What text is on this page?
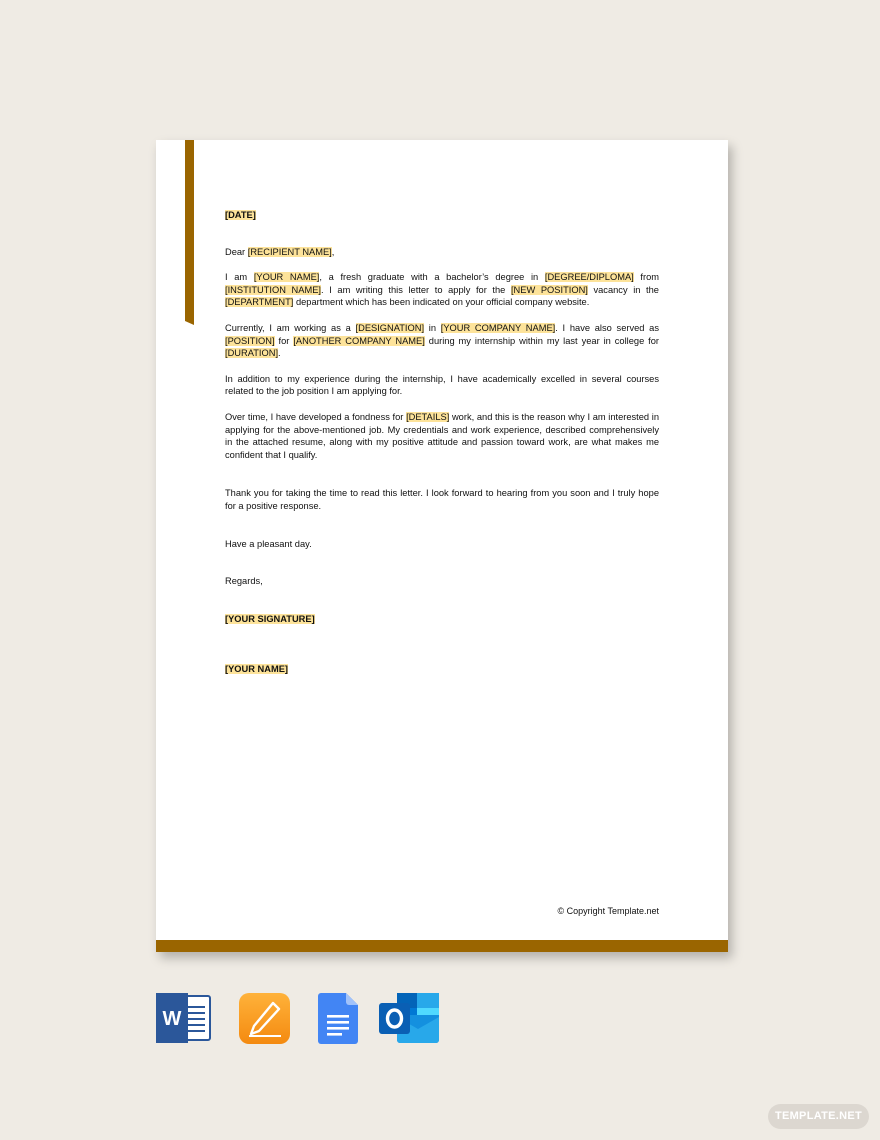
[DATE]

Dear [RECIPIENT NAME],

I am [YOUR NAME], a fresh graduate with a bachelor’s degree in [DEGREE/DIPLOMA] from [INSTITUTION NAME]. I am writing this letter to apply for the [NEW POSITION] vacancy in the [DEPARTMENT] department which has been indicated on your official company website.

Currently, I am working as a [DESIGNATION] in [YOUR COMPANY NAME]. I have also served as [POSITION] for [ANOTHER COMPANY NAME] during my internship within my last year in college for [DURATION].

In addition to my experience during the internship, I have academically excelled in several courses related to the job position I am applying for.

Over time, I have developed a fondness for [DETAILS] work, and this is the reason why I am interested in applying for the above-mentioned job. My credentials and work experience, described comprehensively in the attached resume, along with my positive attitude and passion toward work, are what makes me confident that I qualify.

Thank you for taking the time to read this letter. I look forward to hearing from you soon and I truly hope for a positive response.

Have a pleasant day.

Regards,

[YOUR SIGNATURE]

[YOUR NAME]

© Copyright Template.net
W
TEMPLATE.NET
